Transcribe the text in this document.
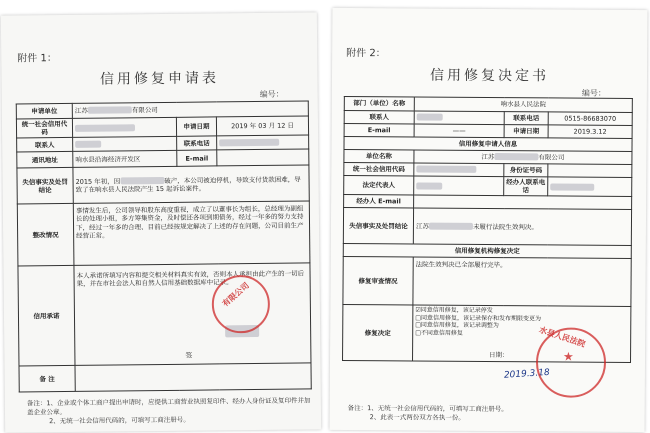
附件 1：
信用修复申请表
编号：
申请单位	江苏 有限公司		
统一社会信用代码		申请日期	2019 年 03 月 12 日
联系人		联系电话	
通讯地址	响水县沿海经济开发区	E-mail	
失信事实及处罚结论	2015 年初，因 破产，本公司被迫停机，导致支付货款困难，导致了在响水县人民法院产生 15 起诉讼案件。		
整改情况	事情发生后，公司领导和股东高度重视，成立了以董事长为组长，总经理为副组长的处理小组，多方筹集资金，及时偿还各项到期债务，经过一年多的努力支持下，经过一年多的合理、目前已经按规定解决了上述的存在问题，公司目前生产经营正常。		
信用承诺	本人承诺所填写内容和提交相关材料真实有效，否则本人承担由此产生的一切后果，并在市社会法人和自然人信用基础数据库中记录。
签		

备 注			
有限公司
备注：1、企业或个体工商户提出申请时，应提供工商营业执照复印件、经办人身份证及复印件并加盖企业公章。
2、无统一社会信用代码的，可填写工商注册号。
附件 2：
信用修复决定书
编号：
部门（单位）名称	响水县人民法院		
联系人		联系电话	0515-86683070
E-mail	——	申请日期	2019.3.12
信用修复申请人信息			
单位名称	江苏 有限公司		
统一社会信用代码		身份证号码	
法定代表人		经办人联系电话	
经办人 E-mail			
失信事实及处罚结论	江苏 未履行法院生效判决。		
信用修复机构修复决定			
修复审查情况	法院生效判决已全部履行完毕。		
修复决定	☑同意信用修复，该记录停发
□同意信用修复，该记录保存和发布期限变更为
□同意信用修复，该记录调整为
□不同意信用修复
日期：		
2019.3.18
★
水县人民法院
备注：1、无统一社会信用代码的，可填写工商注册号。
2、此表一式两份双方各执一份。
